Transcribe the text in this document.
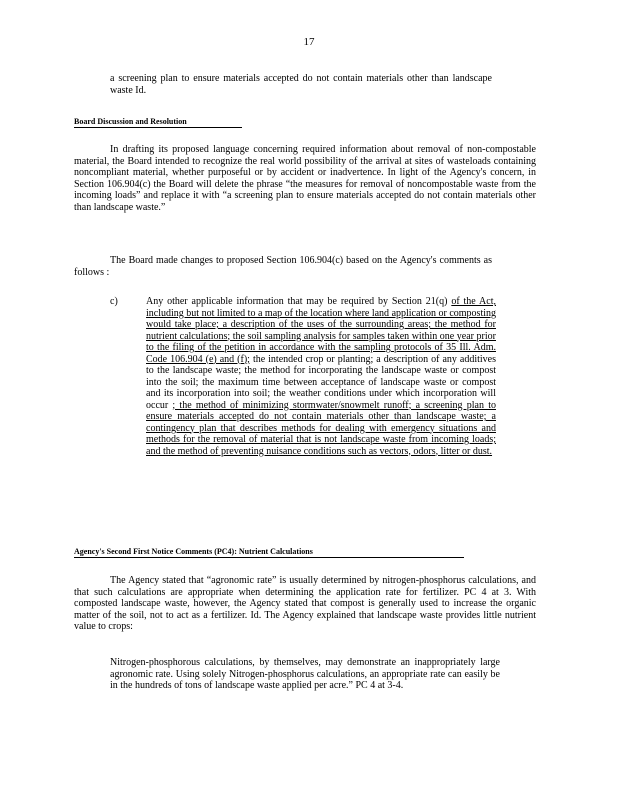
17
a screening plan to ensure materials accepted do not contain materials other than landscape waste Id.
Board Discussion and Resolution
In drafting its proposed language concerning required information about removal of non-compostable material, the Board intended to recognize the real world possibility of the arrival at sites of wasteloads containing noncompliant material, whether purposeful or by accident or inadvertence. In light of the Agency's concern, in Section 106.904(c) the Board will delete the phrase “the measures for removal of noncompostable waste from the incoming loads” and replace it with “a screening plan to ensure materials accepted do not contain materials other than landscape waste.”
The Board made changes to proposed Section 106.904(c) based on the Agency's comments as follows :
c)	Any other applicable information that may be required by Section 21(q) of the Act, including but not limited to a map of the location where land application or composting would take place; a description of the uses of the surrounding areas; the method for nutrient calculations; the soil sampling analysis for samples taken within one year prior to the filing of the petition in accordance with the sampling protocols of 35 Ill. Adm. Code 106.904 (e) and (f); the intended crop or planting; a description of any additives to the landscape waste; the method for incorporating the landscape waste or compost into the soil; the maximum time between acceptance of landscape waste or compost and its incorporation into soil; the weather conditions under which incorporation will occur ; the method of minimizing stormwater/snowmelt runoff; a screening plan to ensure materials accepted do not contain materials other than landscape waste; a contingency plan that describes methods for dealing with emergency situations and methods for the removal of material that is not landscape waste from incoming loads; and the method of preventing nuisance conditions such as vectors, odors, litter or dust.
Agency's Second First Notice Comments (PC4): Nutrient Calculations
The Agency stated that “agronomic rate” is usually determined by nitrogen-phosphorus calculations, and that such calculations are appropriate when determining the application rate for fertilizer. PC 4 at 3. With composted landscape waste, however, the Agency stated that compost is generally used to increase the organic matter of the soil, not to act as a fertilizer. Id. The Agency explained that landscape waste provides little nutrient value to crops:
Nitrogen-phosphorous calculations, by themselves, may demonstrate an inappropriately large agronomic rate. Using solely Nitrogen-phosphorus calculations, an appropriate rate can easily be in the hundreds of tons of landscape waste applied per acre.” PC 4 at 3-4.
